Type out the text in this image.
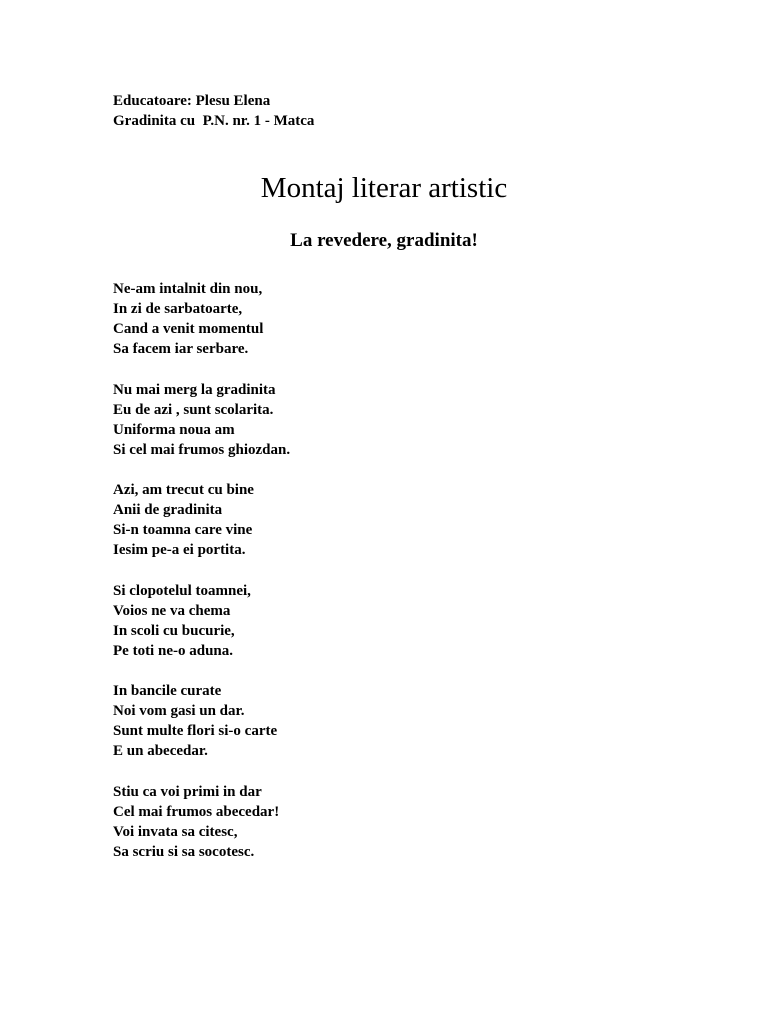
Educatoare: Plesu Elena
Gradinita cu  P.N. nr. 1 - Matca
Montaj literar artistic
La revedere, gradinita!
Ne-am intalnit din nou,
In zi de sarbatoarte,
Cand a venit momentul
Sa facem iar serbare.
Nu mai merg la gradinita
Eu de azi , sunt scolarita.
Uniforma noua am
Si cel mai frumos ghiozdan.
Azi, am trecut cu bine
Anii de gradinita
Si-n toamna care vine
Iesim pe-a ei portita.
Si clopotelul toamnei,
Voios ne va chema
In scoli cu bucurie,
Pe toti ne-o aduna.
In bancile curate
Noi vom gasi un dar.
Sunt multe flori si-o carte
E un abecedar.
Stiu ca voi primi in dar
Cel mai frumos abecedar!
Voi invata sa citesc,
Sa scriu si sa socotesc.
